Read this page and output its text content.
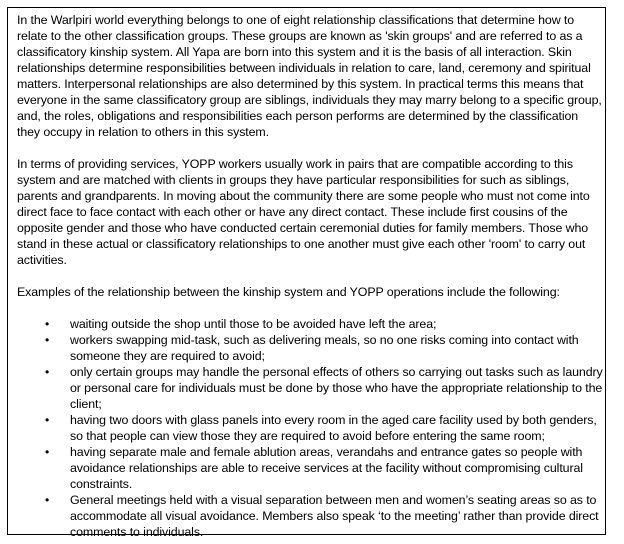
In the Warlpiri world everything belongs to one of eight relationship classifications that determine how to relate to the other classification groups. These groups are known as 'skin groups' and are referred to as a classificatory kinship system. All Yapa are born into this system and it is the basis of all interaction. Skin relationships determine responsibilities between individuals in relation to care, land, ceremony and spiritual matters. Interpersonal relationships are also determined by this system. In practical terms this means that everyone in the same classificatory group are siblings, individuals they may marry belong to a specific group, and, the roles, obligations and responsibilities each person performs are determined by the classification they occupy in relation to others in this system.

In terms of providing services, YOPP workers usually work in pairs that are compatible according to this system and are matched with clients in groups they have particular responsibilities for such as siblings, parents and grandparents. In moving about the community there are some people who must not come into direct face to face contact with each other or have any direct contact. These include first cousins of the opposite gender and those who have conducted certain ceremonial duties for family members. Those who stand in these actual or classificatory relationships to one another must give each other 'room' to carry out activities.

Examples of the relationship between the kinship system and YOPP operations include the following:

• waiting outside the shop until those to be avoided have left the area;
• workers swapping mid-task, such as delivering meals, so no one risks coming into contact with someone they are required to avoid;
• only certain groups may handle the personal effects of others so carrying out tasks such as laundry or personal care for individuals must be done by those who have the appropriate relationship to the client;
• having two doors with glass panels into every room in the aged care facility used by both genders, so that people can view those they are required to avoid before entering the same room;
• having separate male and female ablution areas, verandahs and entrance gates so people with avoidance relationships are able to receive services at the facility without compromising cultural constraints.
• General meetings held with a visual separation between men and women’s seating areas so as to accommodate all visual avoidance. Members also speak ‘to the meeting’ rather than provide direct comments to individuals.
